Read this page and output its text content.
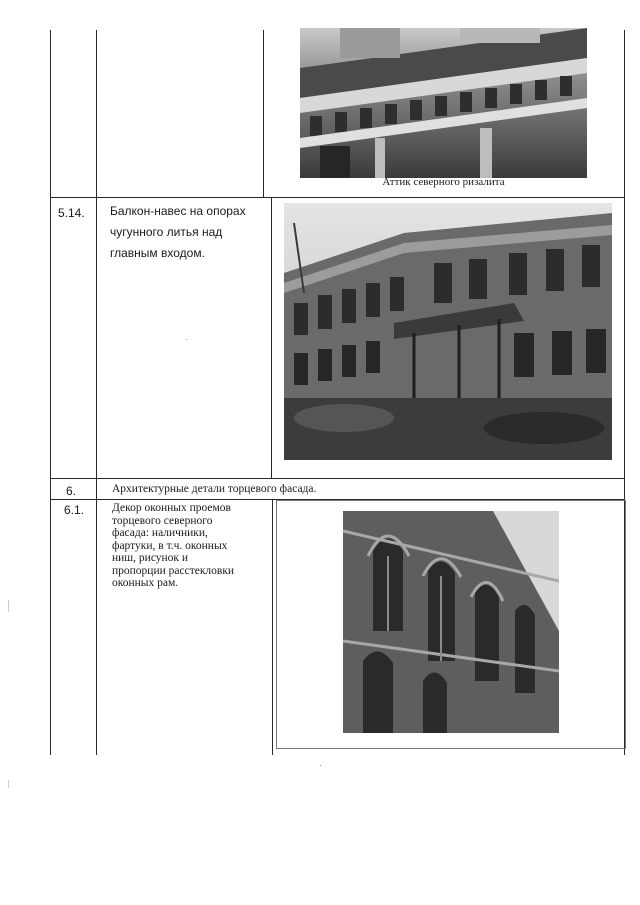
Аттик северного ризалита
5.14. Балкон-навес на опорах
чугунного литья над
главным входом.
6.	Архитектурные детали торцевого фасада.
6.1. Декор оконных проемов
торцевого северного
фасада: наличники,
фартуки, в т.ч. оконных
ниш, рисунок и
пропорции расстекловки
оконных рам.
